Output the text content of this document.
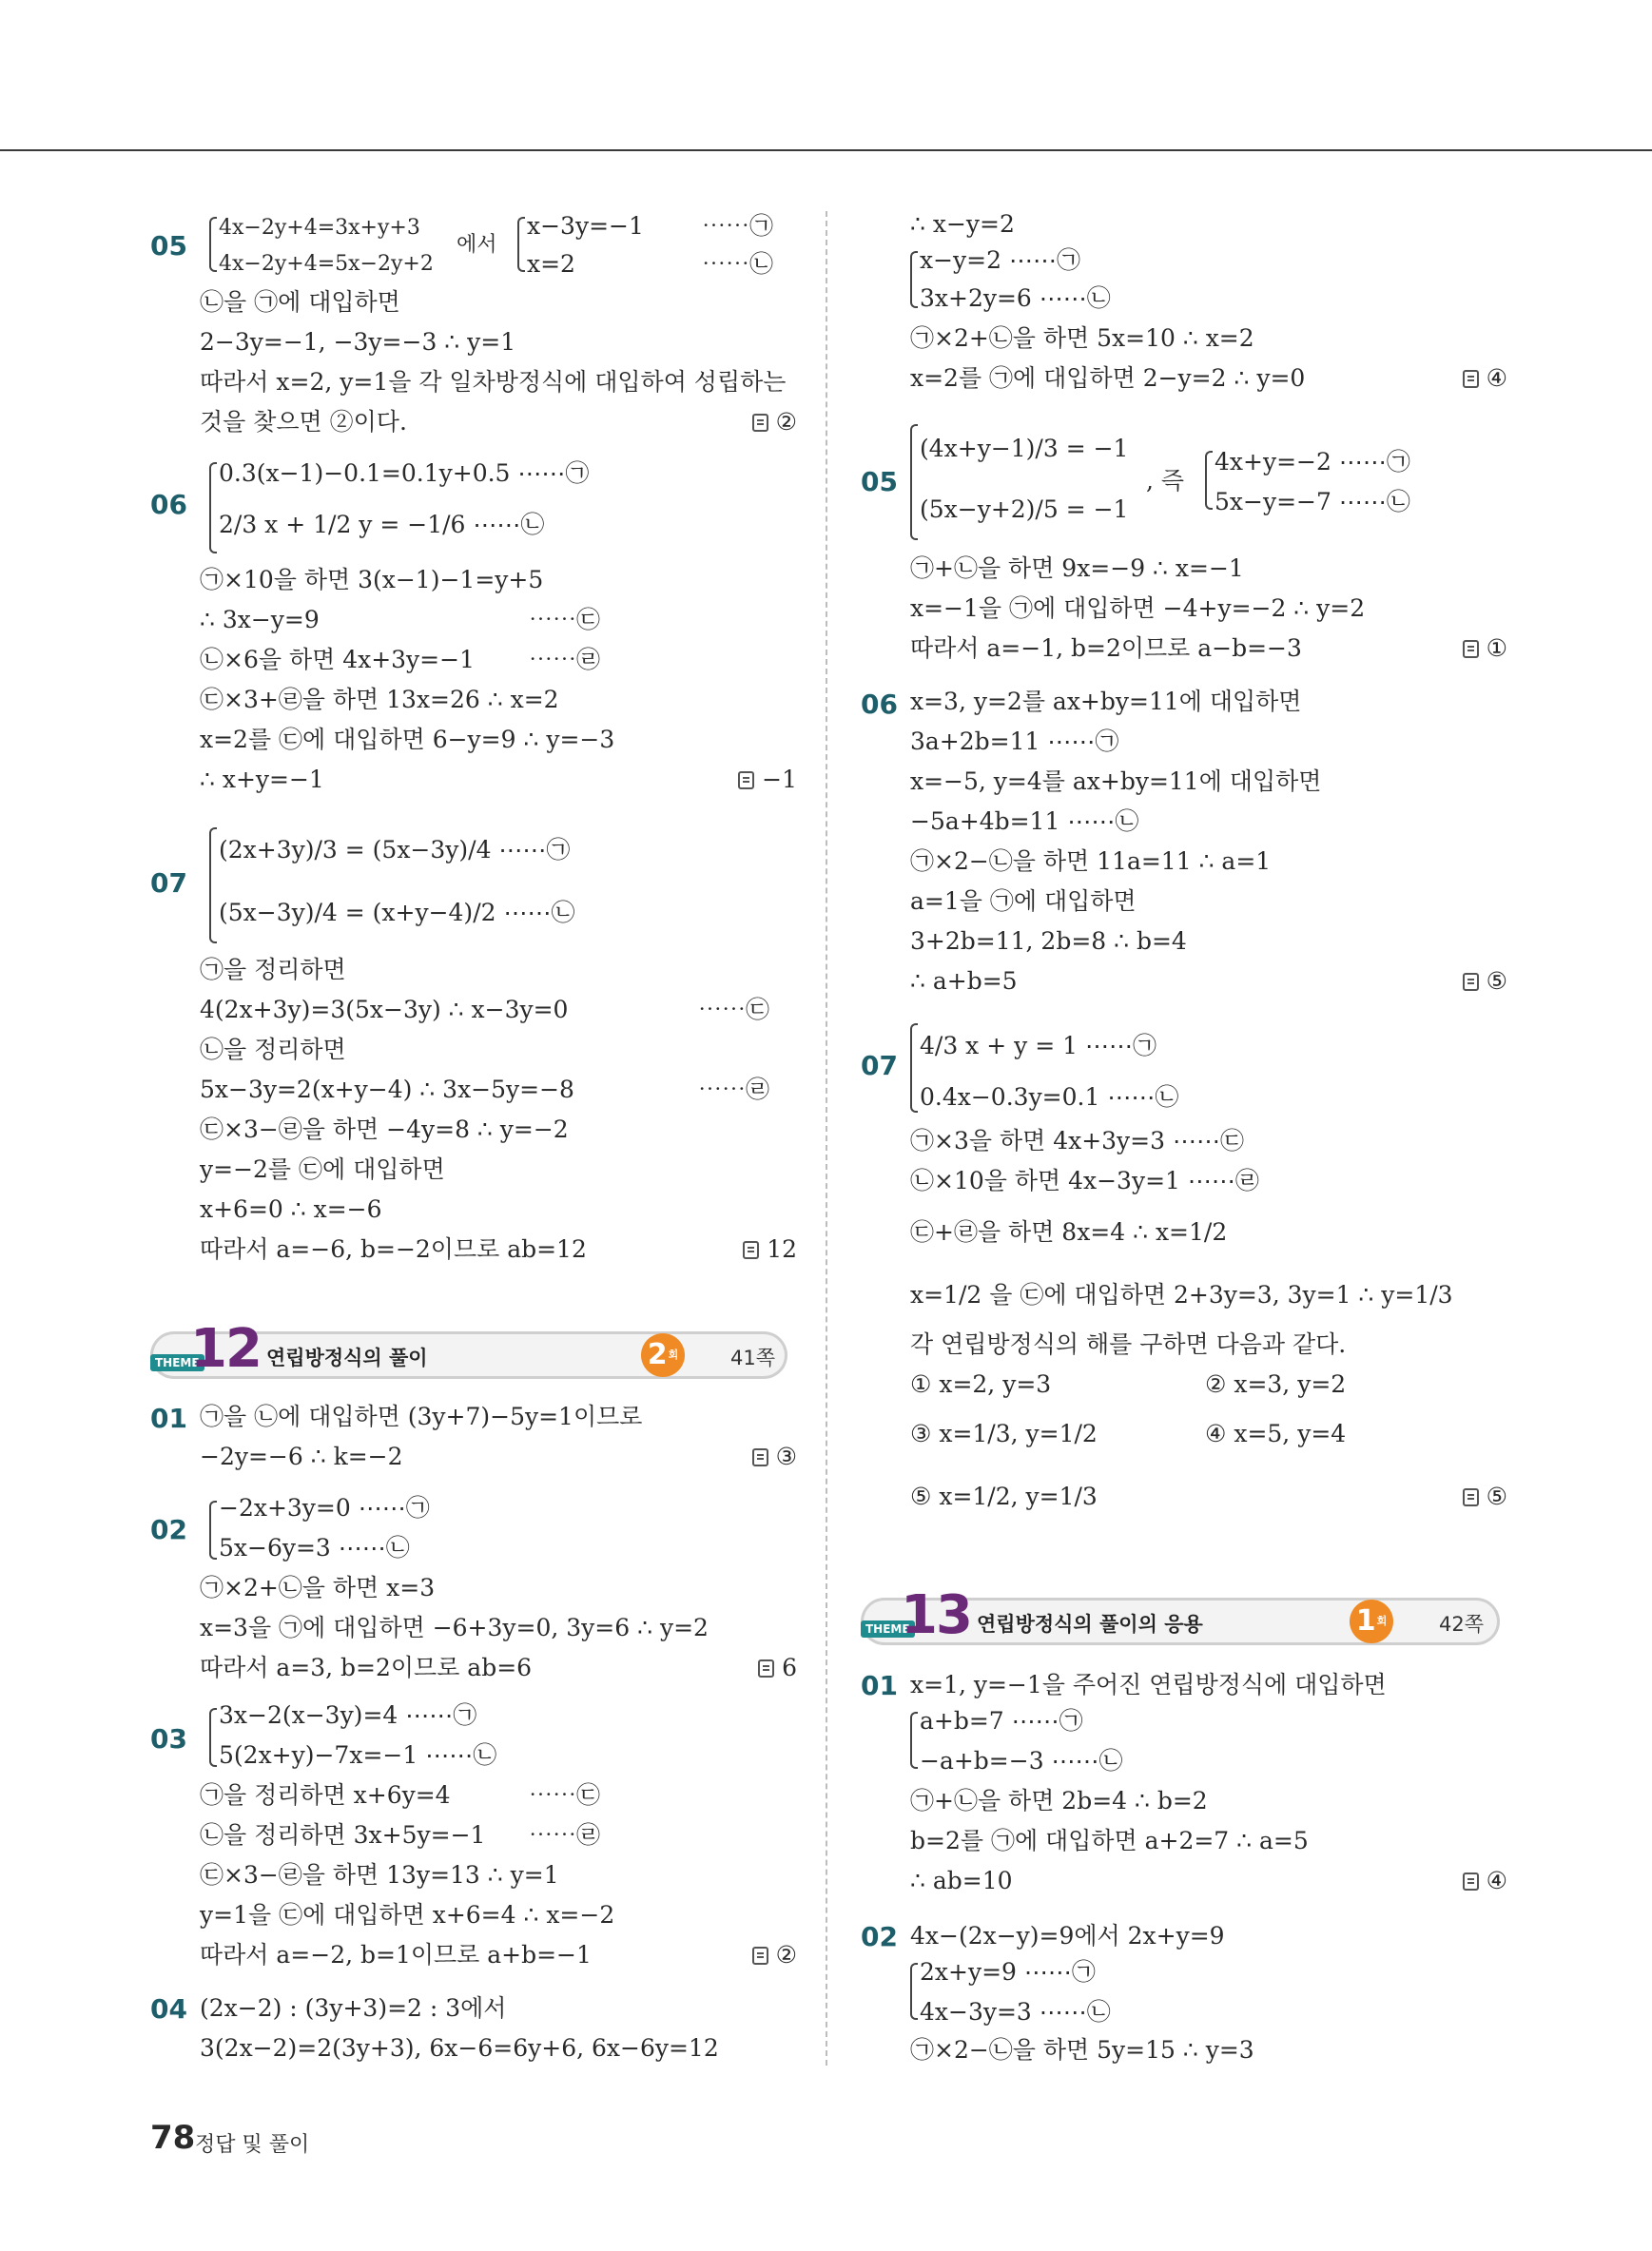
05
4x−2y+4=3x+y+3
4x−2y+4=5x−2y+2
에서
x−3y=−1
x=2
⋯⋯㉠
⋯⋯㉡
㉡을 ㉠에 대입하면
2−3y=−1, −3y=−3 ∴ y=1
따라서 x=2, y=1을 각 일차방정식에 대입하여 성립하는
것을 찾으면 ②이다.	②
06
0.3(x−1)−0.1=0.1y+0.5 ⋯⋯㉠
2/3 x + 1/2 y = −1/6 ⋯⋯㉡
㉠×10을 하면 3(x−1)−1=y+5
∴ 3x−y=9	⋯⋯㉢
㉡×6을 하면 4x+3y=−1 ⋯⋯㉣
㉢×3+㉣을 하면 13x=26 ∴ x=2
x=2를 ㉢에 대입하면 6−y=9 ∴ y=−3
∴ x+y=−1	−1
07
(2x+3y)/3 = (5x−3y)/4 ⋯⋯㉠
(5x−3y)/4 = (x+y−4)/2 ⋯⋯㉡
㉠을 정리하면
4(2x+3y)=3(5x−3y) ∴ x−3y=0	⋯⋯㉢
㉡을 정리하면
5x−3y=2(x+y−4) ∴ 3x−5y=−8	⋯⋯㉣
㉢×3−㉣을 하면 −4y=8 ∴ y=−2
y=−2를 ㉢에 대입하면
x+6=0 ∴ x=−6
따라서 a=−6, b=−2이므로 ab=12	12
THEME
12 연립방정식의 풀이	$2^회$	41쪽
01 ㉠을 ㉡에 대입하면 (3y+7)−5y=1이므로
−2y=−6 ∴ k=−2	③
02
−2x+3y=0 ⋯⋯㉠
5x−6y=3 ⋯⋯㉡
㉠×2+㉡을 하면 x=3
x=3을 ㉠에 대입하면 −6+3y=0, 3y=6 ∴ y=2
따라서 a=3, b=2이므로 ab=6	6
03
3x−2(x−3y)=4 ⋯⋯㉠
5(2x+y)−7x=−1 ⋯⋯㉡
㉠을 정리하면 x+6y=4	⋯⋯㉢
㉡을 정리하면 3x+5y=−1 ⋯⋯㉣
㉢×3−㉣을 하면 13y=13 ∴ y=1
y=1을 ㉢에 대입하면 x+6=4 ∴ x=−2
따라서 a=−2, b=1이므로 a+b=−1	②
04 (2x−2) : (3y+3)=2 : 3에서
3(2x−2)=2(3y+3), 6x−6=6y+6, 6x−6y=12
∴ x−y=2
x−y=2 ⋯⋯㉠
3x+2y=6 ⋯⋯㉡
㉠×2+㉡을 하면 5x=10 ∴ x=2
x=2를 ㉠에 대입하면 2−y=2 ∴ y=0	④
05
(4x+y−1)/3 = −1
(5x−y+2)/5 = −1
, 즉
4x+y=−2 ⋯⋯㉠
5x−y=−7 ⋯⋯㉡
㉠+㉡을 하면 9x=−9 ∴ x=−1
x=−1을 ㉠에 대입하면 −4+y=−2 ∴ y=2
따라서 a=−1, b=2이므로 a−b=−3	①
06 x=3, y=2를 ax+by=11에 대입하면
3a+2b=11 ⋯⋯㉠
x=−5, y=4를 ax+by=11에 대입하면
−5a+4b=11 ⋯⋯㉡
㉠×2−㉡을 하면 11a=11 ∴ a=1
a=1을 ㉠에 대입하면
3+2b=11, 2b=8 ∴ b=4
∴ a+b=5	⑤
07
4/3 x + y = 1 ⋯⋯㉠
0.4x−0.3y=0.1 ⋯⋯㉡
㉠×3을 하면 4x+3y=3 ⋯⋯㉢
㉡×10을 하면 4x−3y=1 ⋯⋯㉣
㉢+㉣을 하면 8x=4 ∴ x=1/2
x=1/2 을 ㉢에 대입하면 2+3y=3, 3y=1 ∴ y=1/3
각 연립방정식의 해를 구하면 다음과 같다.
① x=2, y=3	② x=3, y=2
③ x=1/3, y=1/2	④ x=5, y=4
⑤ x=1/2, y=1/3	⑤
THEME
13 연립방정식의 풀이의 응용	$1^회$	42쪽
01 x=1, y=−1을 주어진 연립방정식에 대입하면
a+b=7 ⋯⋯㉠
−a+b=−3 ⋯⋯㉡
㉠+㉡을 하면 2b=4 ∴ b=2
b=2를 ㉠에 대입하면 a+2=7 ∴ a=5
∴ ab=10	④
02 4x−(2x−y)=9에서 2x+y=9
2x+y=9 ⋯⋯㉠
4x−3y=3 ⋯⋯㉡
㉠×2−㉡을 하면 5y=15 ∴ y=3
78 정답 및 풀이
